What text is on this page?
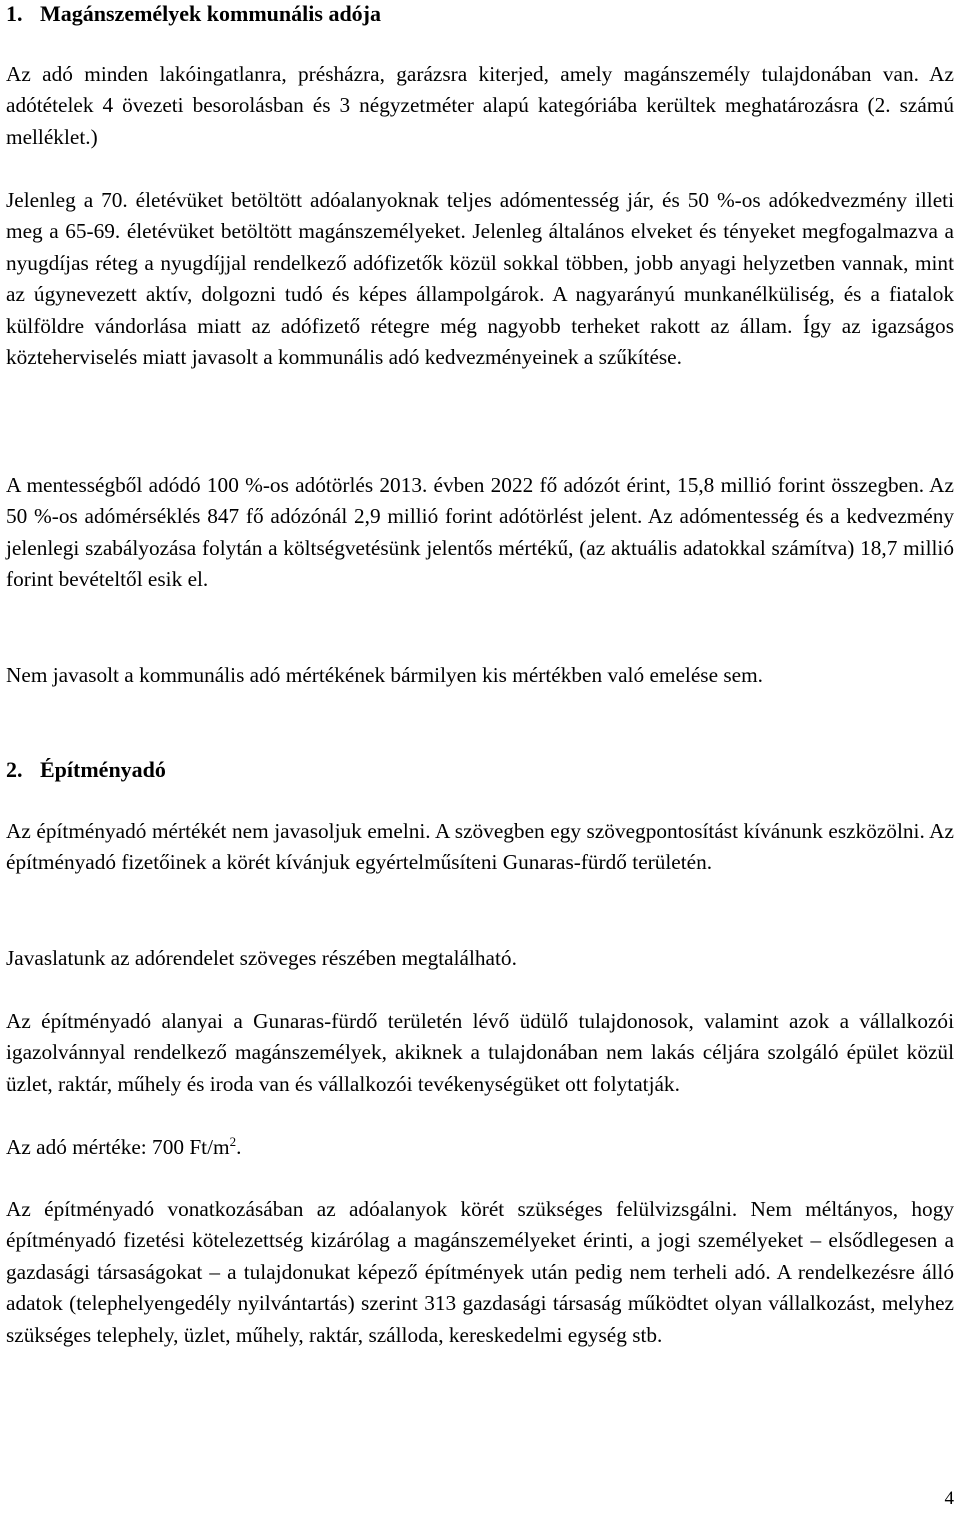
1. Magánszemélyek kommunális adója

Az adó minden lakóingatlanra, présházra, garázsra kiterjed, amely magánszemély tulajdonában van. Az adótételek 4 övezeti besorolásban és 3 négyzetméter alapú kategóriába kerültek meghatározásra (2. számú melléklet.)

Jelenleg a 70. életévüket betöltött adóalanyoknak teljes adómentesség jár, és 50 %-os adókedvezmény illeti meg a 65-69. életévüket betöltött magánszemélyeket. Jelenleg általános elveket és tényeket megfogalmazva a nyugdíjas réteg a nyugdíjjal rendelkező adófizetők közül sokkal többen, jobb anyagi helyzetben vannak, mint az úgynevezett aktív, dolgozni tudó és képes állampolgárok. A nagyarányú munkanélküliség, és a fiatalok külföldre vándorlása miatt az adófizető rétegre még nagyobb terheket rakott az állam. Így az igazságos közteherviselés miatt javasolt a kommunális adó kedvezményeinek a szűkítése.

A mentességből adódó 100 %-os adótörlés 2013. évben 2022 fő adózót érint, 15,8 millió forint összegben. Az 50 %-os adómérséklés 847 fő adózónál 2,9 millió forint adótörlést jelent. Az adómentesség és a kedvezmény jelenlegi szabályozása folytán a költségvetésünk jelentős mértékű, (az aktuális adatokkal számítva) 18,7 millió forint bevételtől esik el.

Nem javasolt a kommunális adó mértékének bármilyen kis mértékben való emelése sem.

2. Építményadó

Az építményadó mértékét nem javasoljuk emelni. A szövegben egy szövegpontosítást kívánunk eszközölni. Az építményadó fizetőinek a körét kívánjuk egyértelműsíteni Gunaras-fürdő területén.

Javaslatunk az adórendelet szöveges részében megtalálható.

Az építményadó alanyai a Gunaras-fürdő területén lévő üdülő tulajdonosok, valamint azok a vállalkozói igazolvánnyal rendelkező magánszemélyek, akiknek a tulajdonában nem lakás céljára szolgáló épület közül üzlet, raktár, műhely és iroda van és vállalkozói tevékenységüket ott folytatják.

Az adó mértéke: 700 $Ft/m^2$.

Az építményadó vonatkozásában az adóalanyok körét szükséges felülvizsgálni. Nem méltányos, hogy építményadó fizetési kötelezettség kizárólag a magánszemélyeket érinti, a jogi személyeket – elsődlegesen a gazdasági társaságokat – a tulajdonukat képező építmények után pedig nem terheli adó. A rendelkezésre álló adatok (telephelyengedély nyilvántartás) szerint 313 gazdasági társaság működtet olyan vállalkozást, melyhez szükséges telephely, üzlet, műhely, raktár, szálloda, kereskedelmi egység stb.

4
